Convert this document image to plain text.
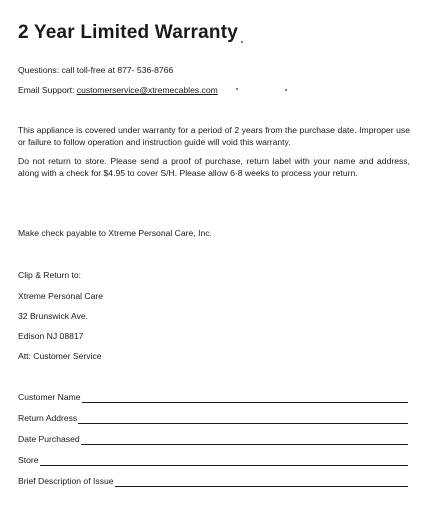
2 Year Limited Warranty
Questions: call toll-free at 877- 536-8766
Email Support: customerservice@xtremecables.com
This appliance is covered under warranty for a period of 2 years from the purchase date. Improper use or failure to follow operation and instruction guide will void this warranty.
Do not return to store. Please send a proof of purchase, return label with your name and address, along with a check for $4.95 to cover S/H. Please allow 6-8 weeks to process your return.
Make check payable to Xtreme Personal Care, Inc.
Clip & Return to:
Xtreme Personal Care
32 Brunswick Ave.
Edison NJ 08817
Att: Customer Service
Customer Name
Return Address
Date Purchased
Store
Brief Description of Issue
